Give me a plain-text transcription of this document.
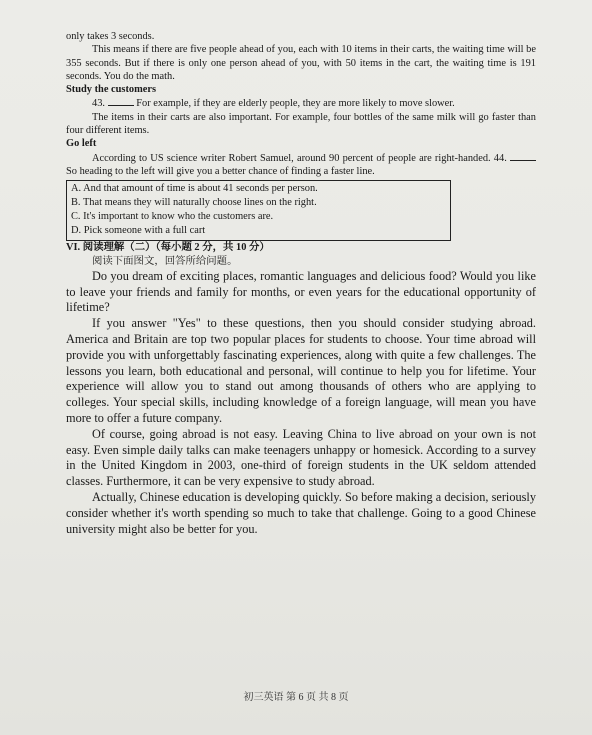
only takes 3 seconds.

This means if there are five people ahead of you, each with 10 items in their carts, the waiting time will be 355 seconds. But if there is only one person ahead of you, with 50 items in the cart, the waiting time is 191 seconds. You do the math.

Study the customers

43.	For example, if they are elderly people, they are more likely to move slower.

The items in their carts are also important. For example, four bottles of the same milk will go faster than four different items.

Go left

According to US science writer Robert Samuel, around 90 percent of people are right-handed. 44.  So heading to the left will give you a better chance of finding a faster line.

A. And that amount of time is about 41 seconds per person.

B. That means they will naturally choose lines on the right.

C. It's important to know who the customers are.

D. Pick someone with a full cart

VI. 阅读理解（二）（每小题 2 分，共 10 分）

阅读下面图文，回答所给问题。

Do you dream of exciting places, romantic languages and delicious food? Would you like to leave your friends and family for months, or even years for the educational opportunity of lifetime?

If you answer "Yes" to these questions, then you should consider studying abroad. America and Britain are top two popular places for students to choose. Your time abroad will provide you with unforgettably fascinating experiences, along with quite a few challenges. The lessons you learn, both educational and personal, will continue to help you for lifetime. Your experience will allow you to stand out among thousands of others who are applying to colleges. Your special skills, including knowledge of a foreign language, will mean you have more to offer a future company.

Of course, going abroad is not easy. Leaving China to live abroad on your own is not easy. Even simple daily talks can make teenagers unhappy or homesick. According to a survey in the United Kingdom in 2003, one-third of foreign students in the UK seldom attended classes. Furthermore, it can be very expensive to study abroad.

Actually, Chinese education is developing quickly. So before making a decision, seriously consider whether it's worth spending so much to take that challenge. Going to a good Chinese university might also be better for you.

初三英语 第 6 页 共 8 页
